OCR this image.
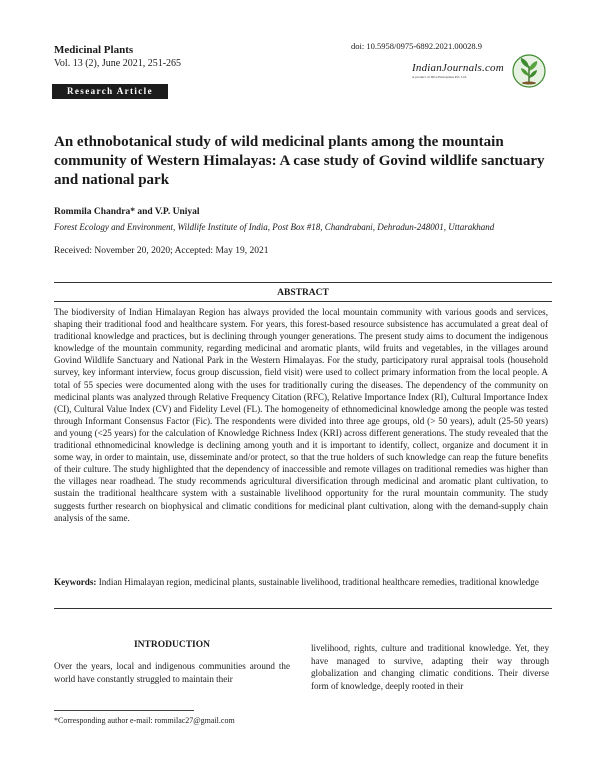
Medicinal Plants
Vol. 13 (2), June 2021, 251-265
Research Article
doi: 10.5958/0975-6892.2021.00028.9
IndianJournals.com
A product of Diva Enterprises Pvt. Ltd.
An ethnobotanical study of wild medicinal plants among the mountain community of Western Himalayas: A case study of Govind wildlife sanctuary and national park
Rommila Chandra* and V.P. Uniyal
Forest Ecology and Environment, Wildlife Institute of India, Post Box #18, Chandrabani, Dehradun-248001, Uttarakhand
Received: November 20, 2020; Accepted: May 19, 2021
ABSTRACT
The biodiversity of Indian Himalayan Region has always provided the local mountain community with various goods and services, shaping their traditional food and healthcare system. For years, this forest-based resource subsistence has accumulated a great deal of traditional knowledge and practices, but is declining through younger generations. The present study aims to document the indigenous knowledge of the mountain community, regarding medicinal and aromatic plants, wild fruits and vegetables, in the villages around Govind Wildlife Sanctuary and National Park in the Western Himalayas. For the study, participatory rural appraisal tools (household survey, key informant interview, focus group discussion, field visit) were used to collect primary information from the local people. A total of 55 species were documented along with the uses for traditionally curing the diseases. The dependency of the community on medicinal plants was analyzed through Relative Frequency Citation (RFC), Relative Importance Index (RI), Cultural Importance Index (CI), Cultural Value Index (CV) and Fidelity Level (FL). The homogeneity of ethnomedicinal knowledge among the people was tested through Informant Consensus Factor (Fic). The respondents were divided into three age groups, old (> 50 years), adult (25-50 years) and young (<25 years) for the calculation of Knowledge Richness Index (KRI) across different generations. The study revealed that the traditional ethnomedicinal knowledge is declining among youth and it is important to identify, collect, organize and document it in some way, in order to maintain, use, disseminate and/or protect, so that the true holders of such knowledge can reap the future benefits of their culture. The study highlighted that the dependency of inaccessible and remote villages on traditional remedies was higher than the villages near roadhead. The study recommends agricultural diversification through medicinal and aromatic plant cultivation, to sustain the traditional healthcare system with a sustainable livelihood opportunity for the rural mountain community. The study suggests further research on biophysical and climatic conditions for medicinal plant cultivation, along with the demand-supply chain analysis of the same.
Keywords: Indian Himalayan region, medicinal plants, sustainable livelihood, traditional healthcare remedies, traditional knowledge
INTRODUCTION
Over the years, local and indigenous communities around the world have constantly struggled to maintain their
livelihood, rights, culture and traditional knowledge. Yet, they have managed to survive, adapting their way through globalization and changing climatic conditions. Their diverse form of knowledge, deeply rooted in their
*Corresponding author e-mail: rommilac27@gmail.com
